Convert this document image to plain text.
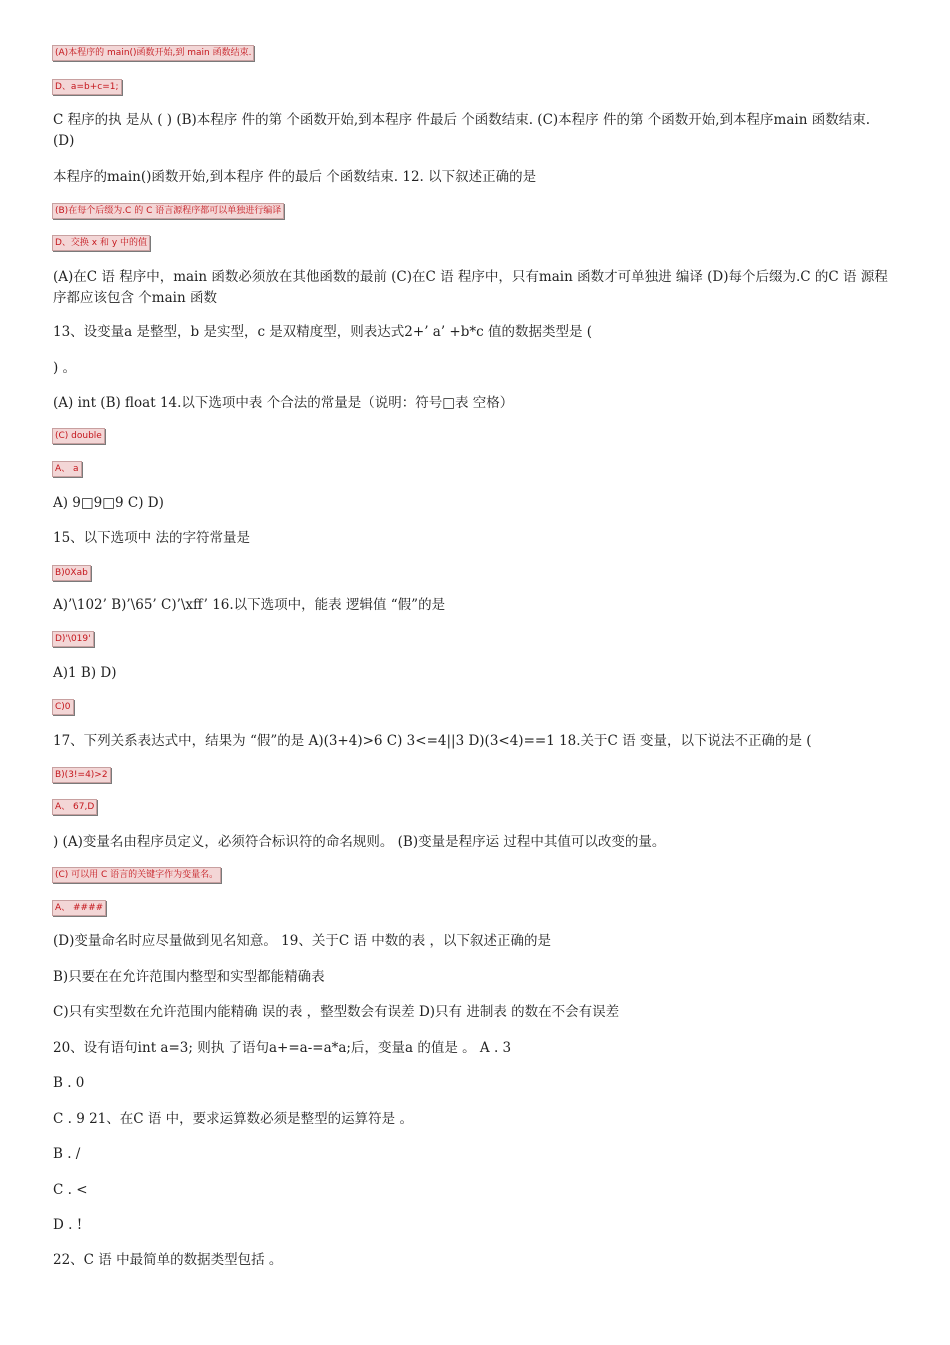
(A)本程序的 main()函数开始,到 main 函数结束.
D、a=b+c=1;
C 程序的执 是从 ( ) (B)本程序 件的第 个函数开始,到本程序 件最后 个函数结束. (C)本程序 件的第 个函数开始,到本程序main 函数结束. (D)
本程序的main()函数开始,到本程序 件的最后 个函数结束. 12. 以下叙述正确的是
(B)在每个后缀为.C 的 C 语言源程序都可以单独进行编译
D、交换 x 和 y 中的值
(A)在C 语 程序中，main 函数必须放在其他函数的最前 (C)在C 语 程序中，只有main 函数才可单独进 编译 (D)每个后缀为.C 的C 语 源程序都应该包含 个main 函数
13、设变量a 是整型，b 是实型，c 是双精度型，则表达式2+’ a’ +b*c 值的数据类型是 (
) 。
(A) int (B) float 14.以下选项中表 个合法的常量是（说明：符号□表 空格）
(C) double
A、 a
A) 9□9□9 C) D)
15、以下选项中 法的字符常量是
B)0Xab
A)’\102’ B)’\65’ C)’\xff’ 16.以下选项中，能表 逻辑值 “假”的是
D)'\019'
A)1 B) D)
C)0
17、下列关系表达式中，结果为 “假”的是 A)(3+4)>6 C) 3<=4||3 D)(3<4)==1 18.关于C 语 变量，以下说法不正确的是 (
B)(3!=4)>2
A、 67,D
) (A)变量名由程序员定义，必须符合标识符的命名规则。 (B)变量是程序运 过程中其值可以改变的量。
(C) 可以用 C 语言的关键字作为变量名。
A、 ####
(D)变量命名时应尽量做到见名知意。 19、关于C 语 中数的表 ，以下叙述正确的是
B)只要在在允许范围内整型和实型都能精确表
C)只有实型数在允许范围内能精确 误的表 ，整型数会有误差 D)只有 进制表 的数在不会有误差
20、设有语句int a=3; 则执 了语句a+=a-=a*a;后，变量a 的值是 。 A . 3
B . 0
C . 9 21、在C 语 中，要求运算数必须是整型的运算符是 。
B . /
C . <
D . !
22、C 语 中最简单的数据类型包括 。
